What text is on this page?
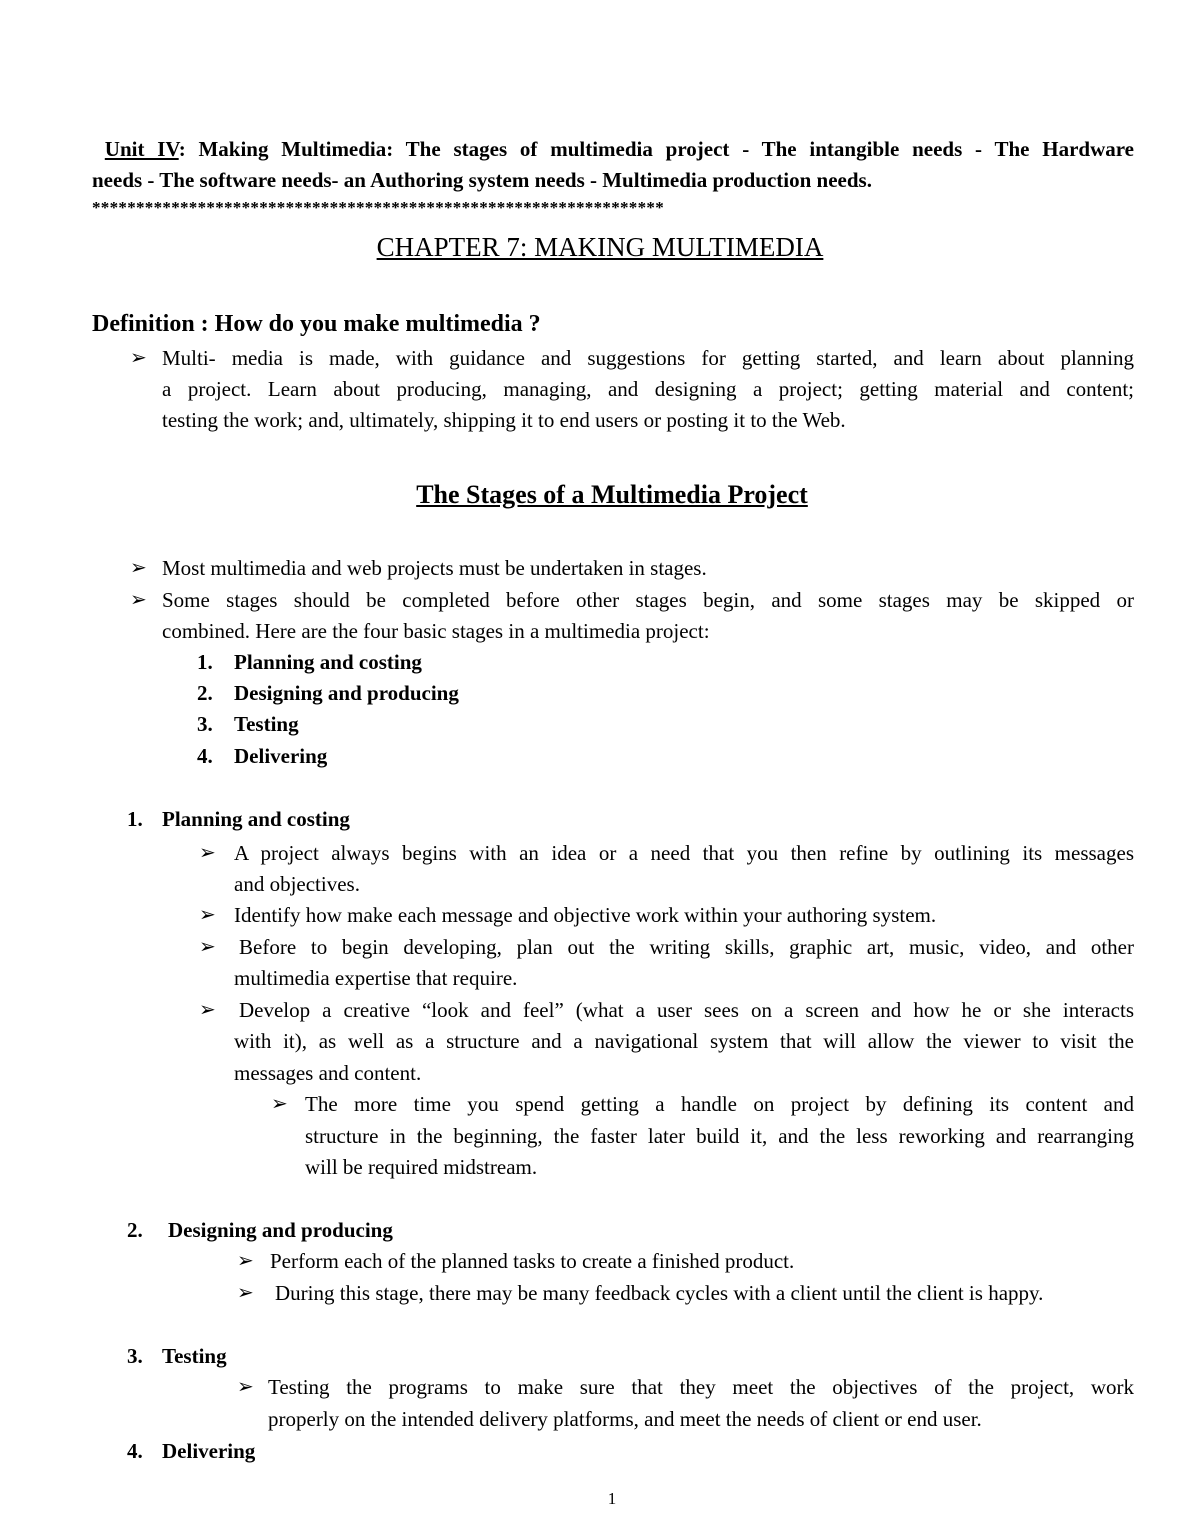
Unit IV: Making Multimedia: The stages of multimedia project - The intangible needs - The Hardware
needs - The software needs- an Authoring system needs - Multimedia production needs.
*****************************************************************
CHAPTER 7: MAKING MULTIMEDIA
Definition : How do you make multimedia ?
➢ Multi- media is made, with guidance and suggestions for getting started, and learn about planning
a project. Learn about producing, managing, and designing a project; getting material and content;
testing the work; and, ultimately, shipping it to end users or posting it to the Web.
The Stages of a Multimedia Project
➢ Most multimedia and web projects must be undertaken in stages.
➢ Some stages should be completed before other stages begin, and some stages may be skipped or
combined. Here are the four basic stages in a multimedia project:
1. Planning and costing
2. Designing and producing
3. Testing
4. Delivering
1. Planning and costing
➢ A project always begins with an idea or a need that you then refine by outlining its messages
and objectives.
➢ Identify how make each message and objective work within your authoring system.
➢ Before to begin developing, plan out the writing skills, graphic art, music, video, and other
multimedia expertise that require.
➢ Develop a creative “look and feel” (what a user sees on a screen and how he or she interacts
with it), as well as a structure and a navigational system that will allow the viewer to visit the
messages and content.
➢ The more time you spend getting a handle on project by defining its content and
structure in the beginning, the faster later build it, and the less reworking and rearranging
will be required midstream.
2. Designing and producing
➢ Perform each of the planned tasks to create a finished product.
➢ During this stage, there may be many feedback cycles with a client until the client is happy.
3. Testing
➢ Testing the programs to make sure that they meet the objectives of the project, work
properly on the intended delivery platforms, and meet the needs of client or end user.
4. Delivering
1
